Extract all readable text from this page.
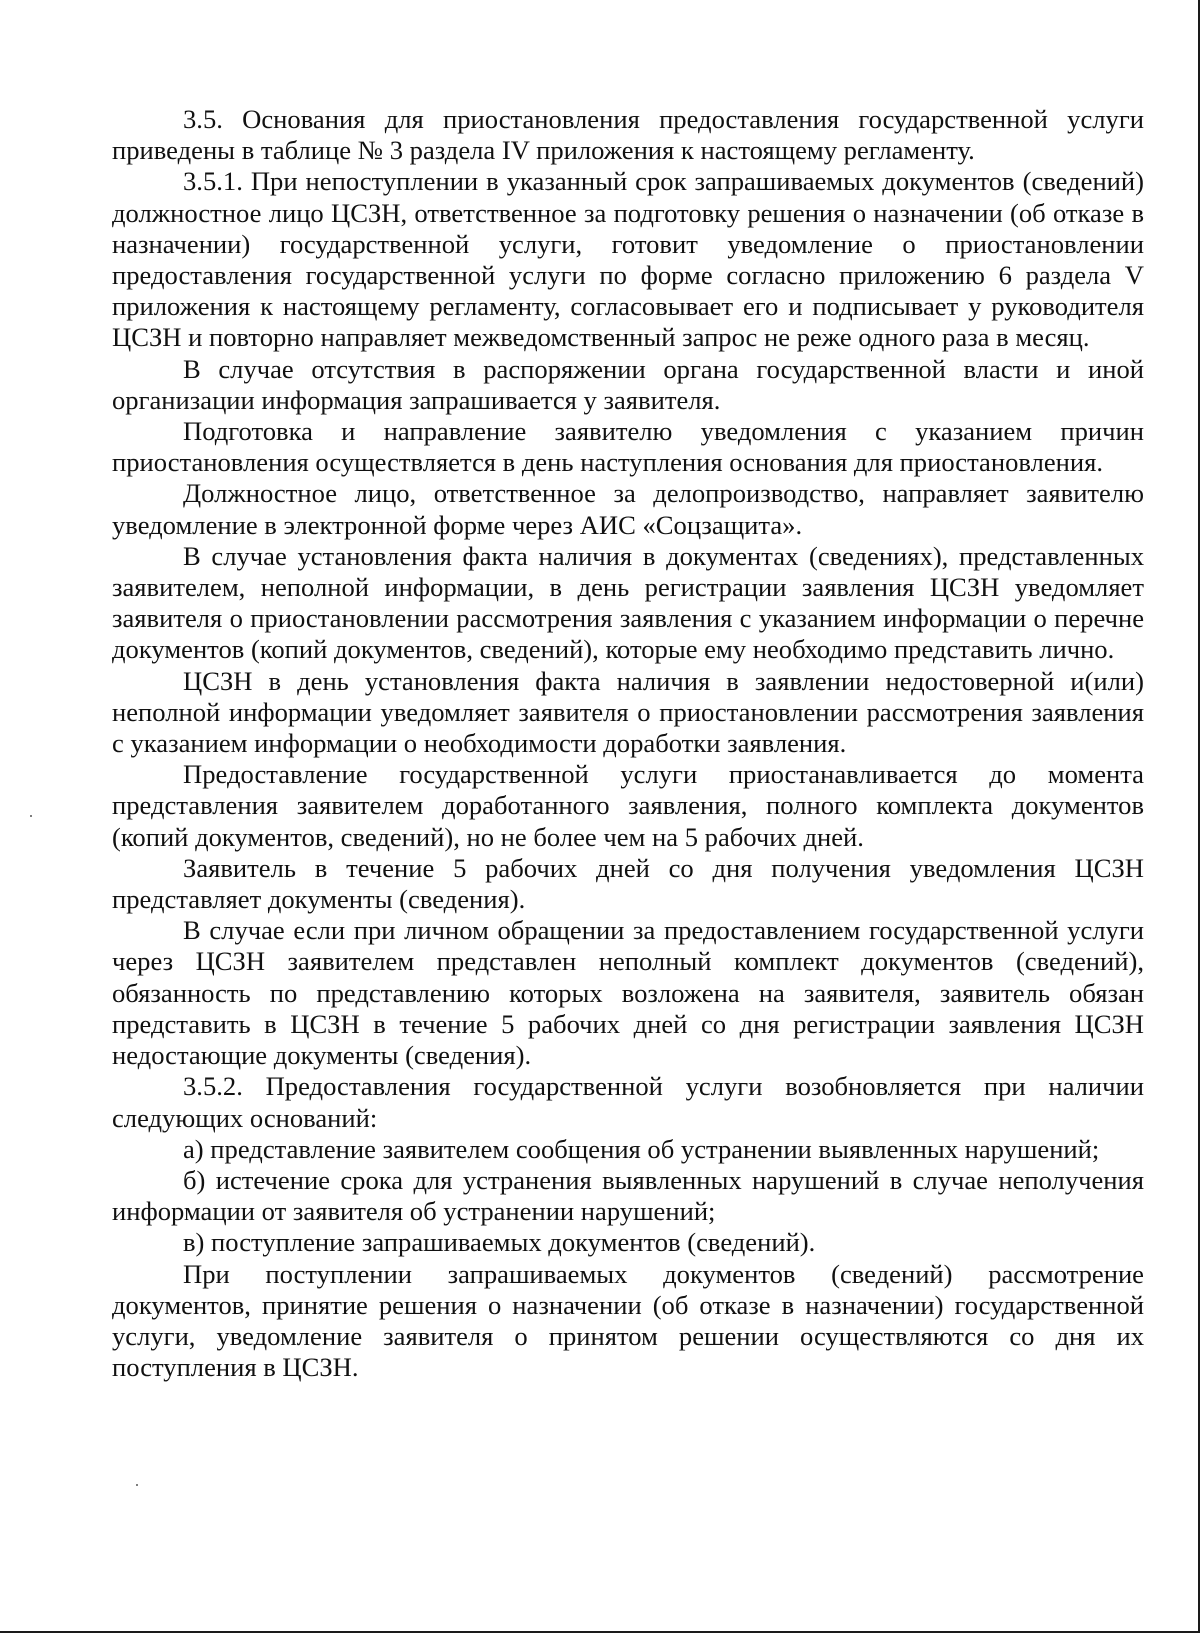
3.5. Основания для приостановления предоставления государственной услуги приведены в таблице № 3 раздела IV приложения к настоящему регламенту.

3.5.1. При непоступлении в указанный срок запрашиваемых документов (сведений) должностное лицо ЦСЗН, ответственное за подготовку решения о назначении (об отказе в назначении) государственной услуги, готовит уведомление о приостановлении предоставления государственной услуги по форме согласно приложению 6 раздела V приложения к настоящему регламенту, согласовывает его и подписывает у руководителя ЦСЗН и повторно направляет межведомственный запрос не реже одного раза в месяц.

В случае отсутствия в распоряжении органа государственной власти и иной организации информация запрашивается у заявителя.

Подготовка и направление заявителю уведомления с указанием причин приостановления осуществляется в день наступления основания для приостановления.

Должностное лицо, ответственное за делопроизводство, направляет заявителю уведомление в электронной форме через АИС «Соцзащита».

В случае установления факта наличия в документах (сведениях), представленных заявителем, неполной информации, в день регистрации заявления ЦСЗН уведомляет заявителя о приостановлении рассмотрения заявления с указанием информации о перечне документов (копий документов, сведений), которые ему необходимо представить лично.

ЦСЗН в день установления факта наличия в заявлении недостоверной и(или) неполной информации уведомляет заявителя о приостановлении рассмотрения заявления с указанием информации о необходимости доработки заявления.

Предоставление государственной услуги приостанавливается до момента представления заявителем доработанного заявления, полного комплекта документов (копий документов, сведений), но не более чем на 5 рабочих дней.

Заявитель в течение 5 рабочих дней со дня получения уведомления ЦСЗН представляет документы (сведения).

В случае если при личном обращении за предоставлением государственной услуги через ЦСЗН заявителем представлен неполный комплект документов (сведений), обязанность по представлению которых возложена на заявителя, заявитель обязан представить в ЦСЗН в течение 5 рабочих дней со дня регистрации заявления ЦСЗН недостающие документы (сведения).

3.5.2. Предоставления государственной услуги возобновляется при наличии следующих оснований:

а) представление заявителем сообщения об устранении выявленных нарушений;

б) истечение срока для устранения выявленных нарушений в случае неполучения информации от заявителя об устранении нарушений;

в) поступление запрашиваемых документов (сведений).

При поступлении запрашиваемых документов (сведений) рассмотрение документов, принятие решения о назначении (об отказе в назначении) государственной услуги, уведомление заявителя о принятом решении осуществляются со дня их поступления в ЦСЗН.
